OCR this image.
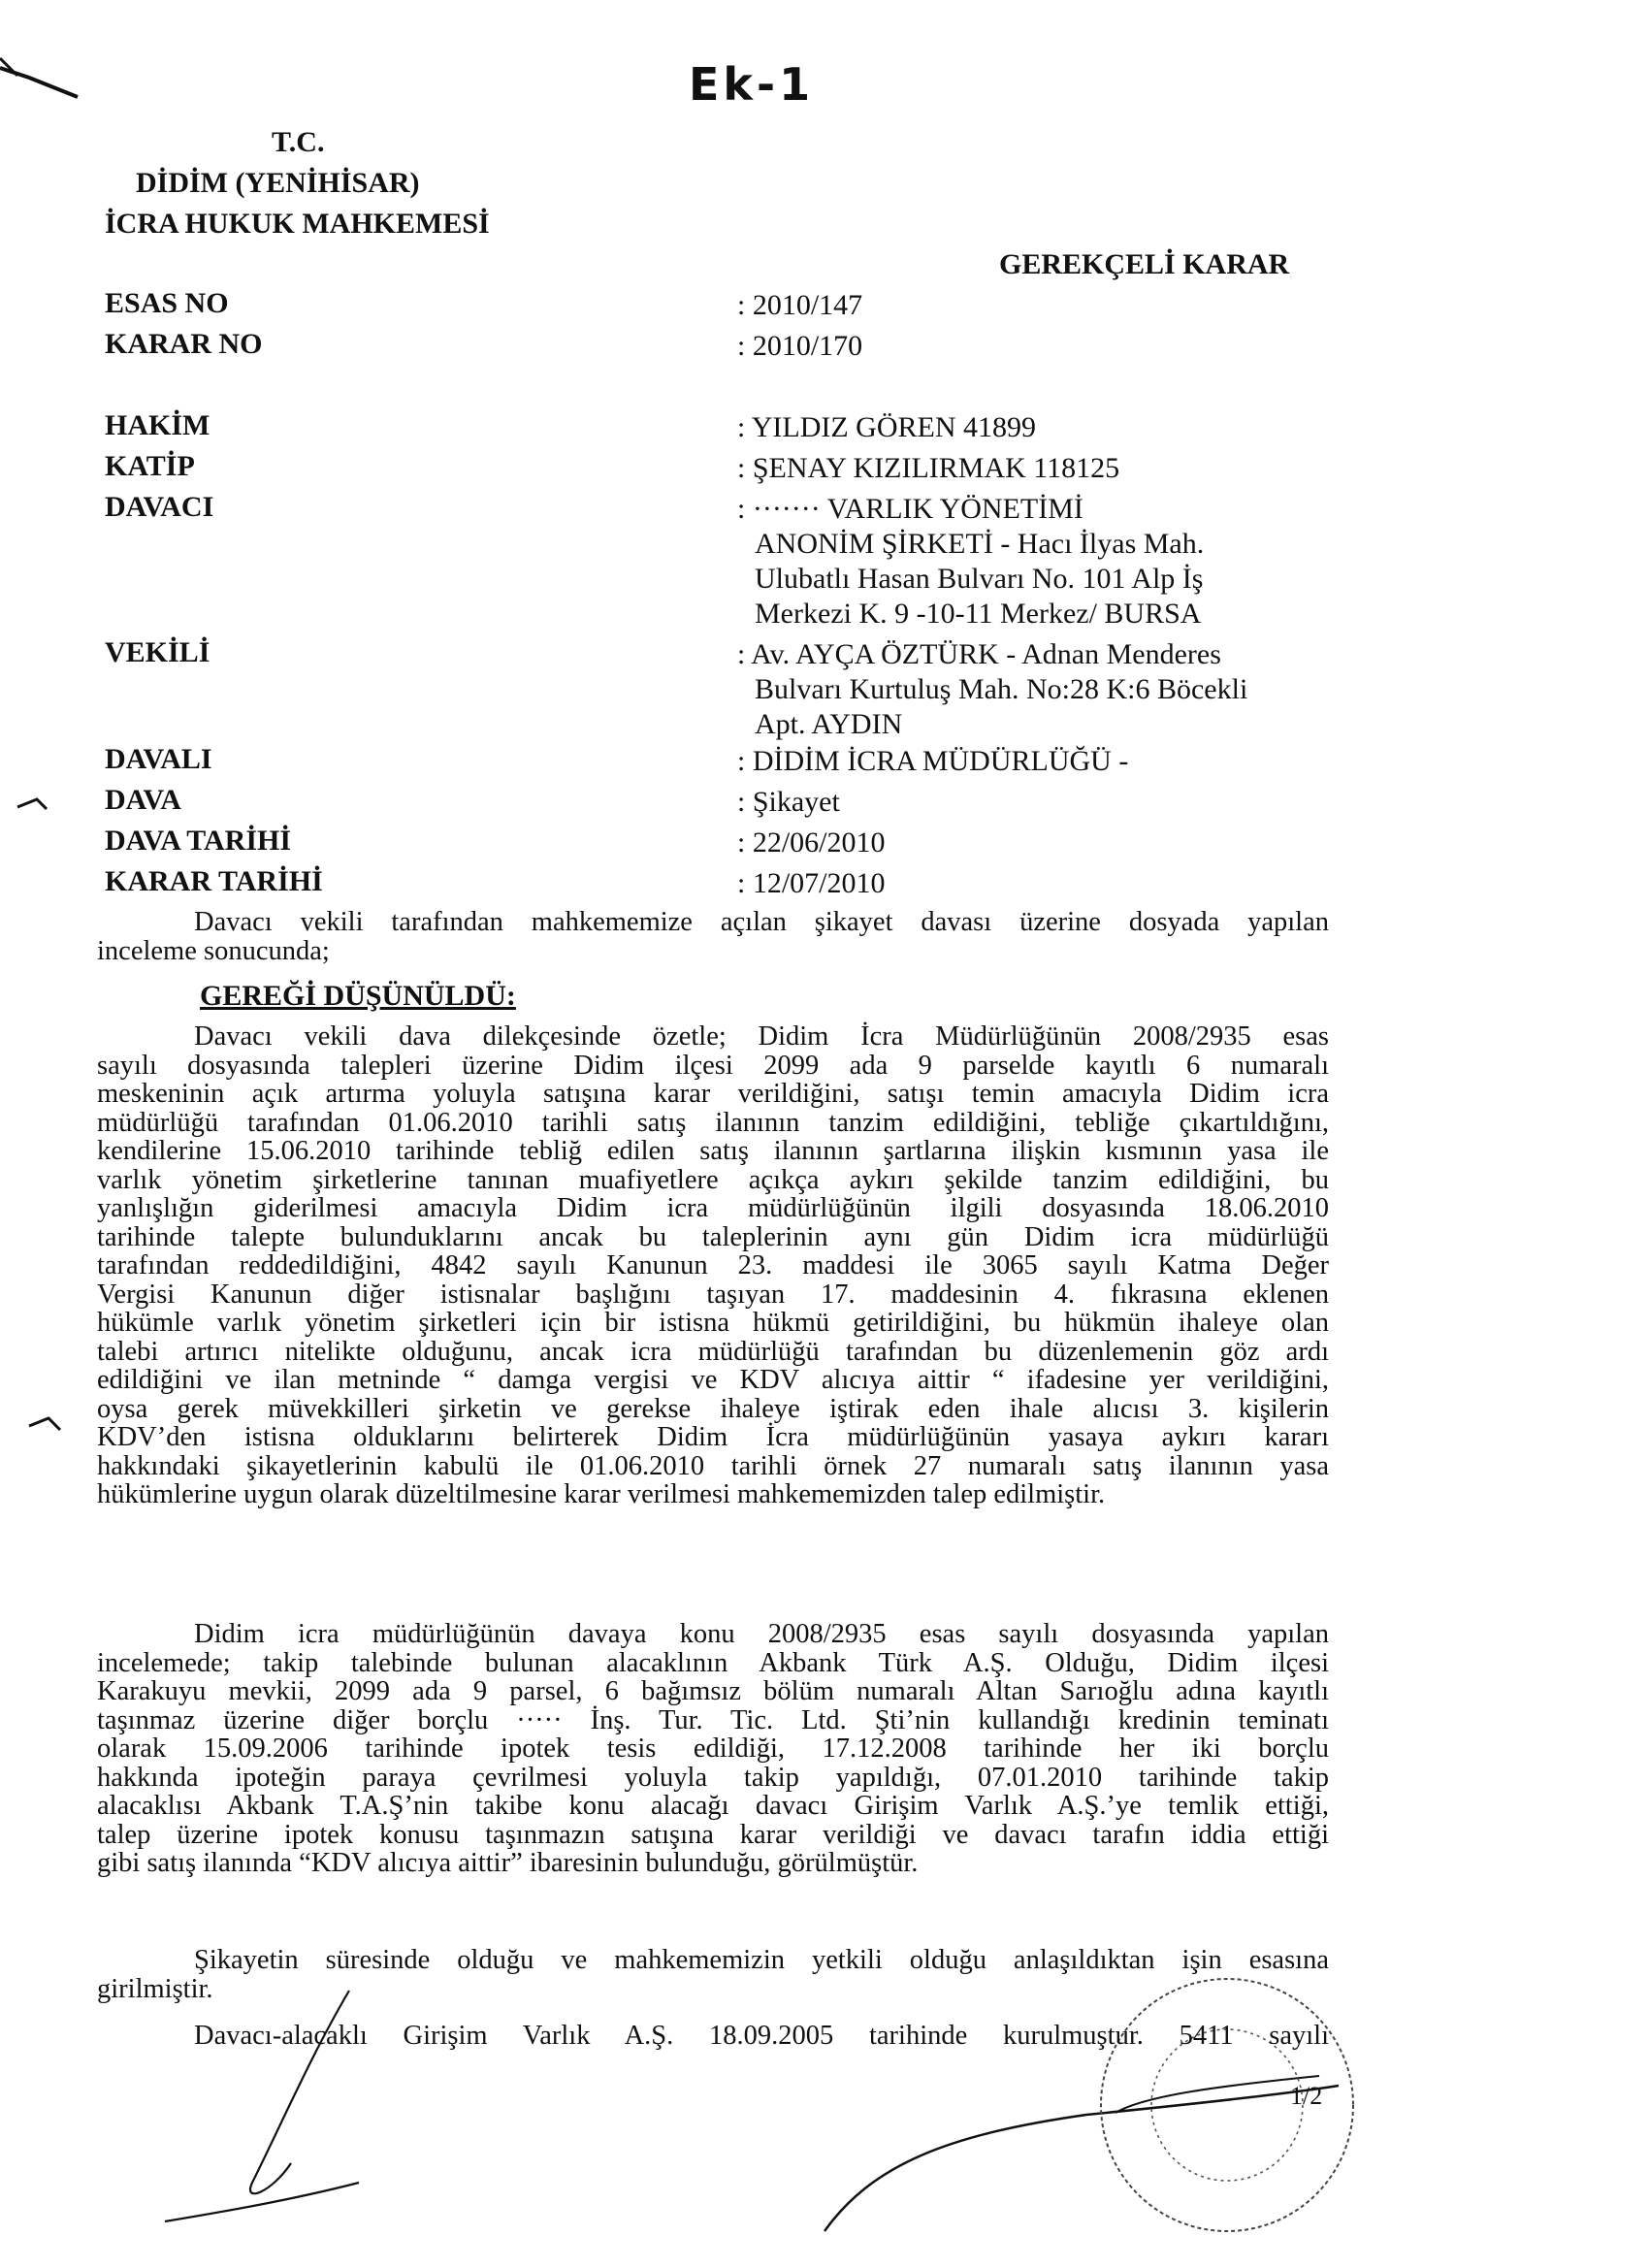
Ek-1
T.C.
DİDİM (YENİHİSAR)
İCRA HUKUK MAHKEMESİ
GEREKÇELİ KARAR
ESAS NO	: 2010/147
KARAR NO	: 2010/170
HAKİM	: YILDIZ GÖREN 41899
KATİP	: ŞENAY KIZILIRMAK 118125
DAVACI	: ······· VARLIK YÖNETİMİ
ANONİM ŞİRKETİ - Hacı İlyas Mah.
Ulubatlı Hasan Bulvarı No. 101 Alp İş
Merkezi K. 9 -10-11 Merkez/ BURSA
VEKİLİ	: Av. AYÇA ÖZTÜRK - Adnan Menderes
Bulvarı Kurtuluş Mah. No:28 K:6 Böcekli
Apt. AYDIN
DAVALI	: DİDİM İCRA MÜDÜRLÜĞÜ -
DAVA	: Şikayet
DAVA TARİHİ	: 22/06/2010
KARAR TARİHİ	: 12/07/2010
Davacı vekili tarafından mahkememize açılan şikayet davası üzerine dosyada yapılan
inceleme sonucunda;
GEREĞİ DÜŞÜNÜLDÜ:
Davacı vekili dava dilekçesinde özetle; Didim İcra Müdürlüğünün 2008/2935 esas
sayılı dosyasında talepleri üzerine Didim ilçesi 2099 ada 9 parselde kayıtlı 6 numaralı
meskeninin açık artırma yoluyla satışına karar verildiğini, satışı temin amacıyla Didim icra
müdürlüğü tarafından 01.06.2010 tarihli satış ilanının tanzim edildiğini, tebliğe çıkartıldığını,
kendilerine 15.06.2010 tarihinde tebliğ edilen satış ilanının şartlarına ilişkin kısmının yasa ile
varlık yönetim şirketlerine tanınan muafiyetlere açıkça aykırı şekilde tanzim edildiğini, bu
yanlışlığın giderilmesi amacıyla Didim icra müdürlüğünün ilgili dosyasında 18.06.2010
tarihinde talepte bulunduklarını ancak bu taleplerinin aynı gün Didim icra müdürlüğü
tarafından reddedildiğini, 4842 sayılı Kanunun 23. maddesi ile 3065 sayılı Katma Değer
Vergisi Kanunun diğer istisnalar başlığını taşıyan 17. maddesinin 4. fıkrasına eklenen
hükümle varlık yönetim şirketleri için bir istisna hükmü getirildiğini, bu hükmün ihaleye olan
talebi artırıcı nitelikte olduğunu, ancak icra müdürlüğü tarafından bu düzenlemenin göz ardı
edildiğini ve ilan metninde “ damga vergisi ve KDV alıcıya aittir “ ifadesine yer verildiğini,
oysa gerek müvekkilleri şirketin ve gerekse ihaleye iştirak eden ihale alıcısı 3. kişilerin
KDV’den istisna olduklarını belirterek Didim İcra müdürlüğünün yasaya aykırı kararı
hakkındaki şikayetlerinin kabulü ile 01.06.2010 tarihli örnek 27 numaralı satış ilanının yasa
hükümlerine uygun olarak düzeltilmesine karar verilmesi mahkememizden talep edilmiştir.
Didim icra müdürlüğünün davaya konu 2008/2935 esas sayılı dosyasında yapılan
incelemede; takip talebinde bulunan alacaklının Akbank Türk A.Ş. Olduğu, Didim ilçesi
Karakuyu mevkii, 2099 ada 9 parsel, 6 bağımsız bölüm numaralı Altan Sarıoğlu adına kayıtlı
taşınmaz üzerine diğer borçlu ····· İnş. Tur. Tic. Ltd. Şti’nin kullandığı kredinin teminatı
olarak 15.09.2006 tarihinde ipotek tesis edildiği, 17.12.2008 tarihinde her iki borçlu
hakkında ipoteğin paraya çevrilmesi yoluyla takip yapıldığı, 07.01.2010 tarihinde takip
alacaklısı Akbank T.A.Ş’nin takibe konu alacağı davacı Girişim Varlık A.Ş.’ye temlik ettiği,
talep üzerine ipotek konusu taşınmazın satışına karar verildiği ve davacı tarafın iddia ettiği
gibi satış ilanında “KDV alıcıya aittir” ibaresinin bulunduğu, görülmüştür.
Şikayetin süresinde olduğu ve mahkememizin yetkili olduğu anlaşıldıktan işin esasına
girilmiştir.
Davacı-alacaklı Girişim Varlık A.Ş. 18.09.2005 tarihinde kurulmuştur. 5411 sayılı
1/2
